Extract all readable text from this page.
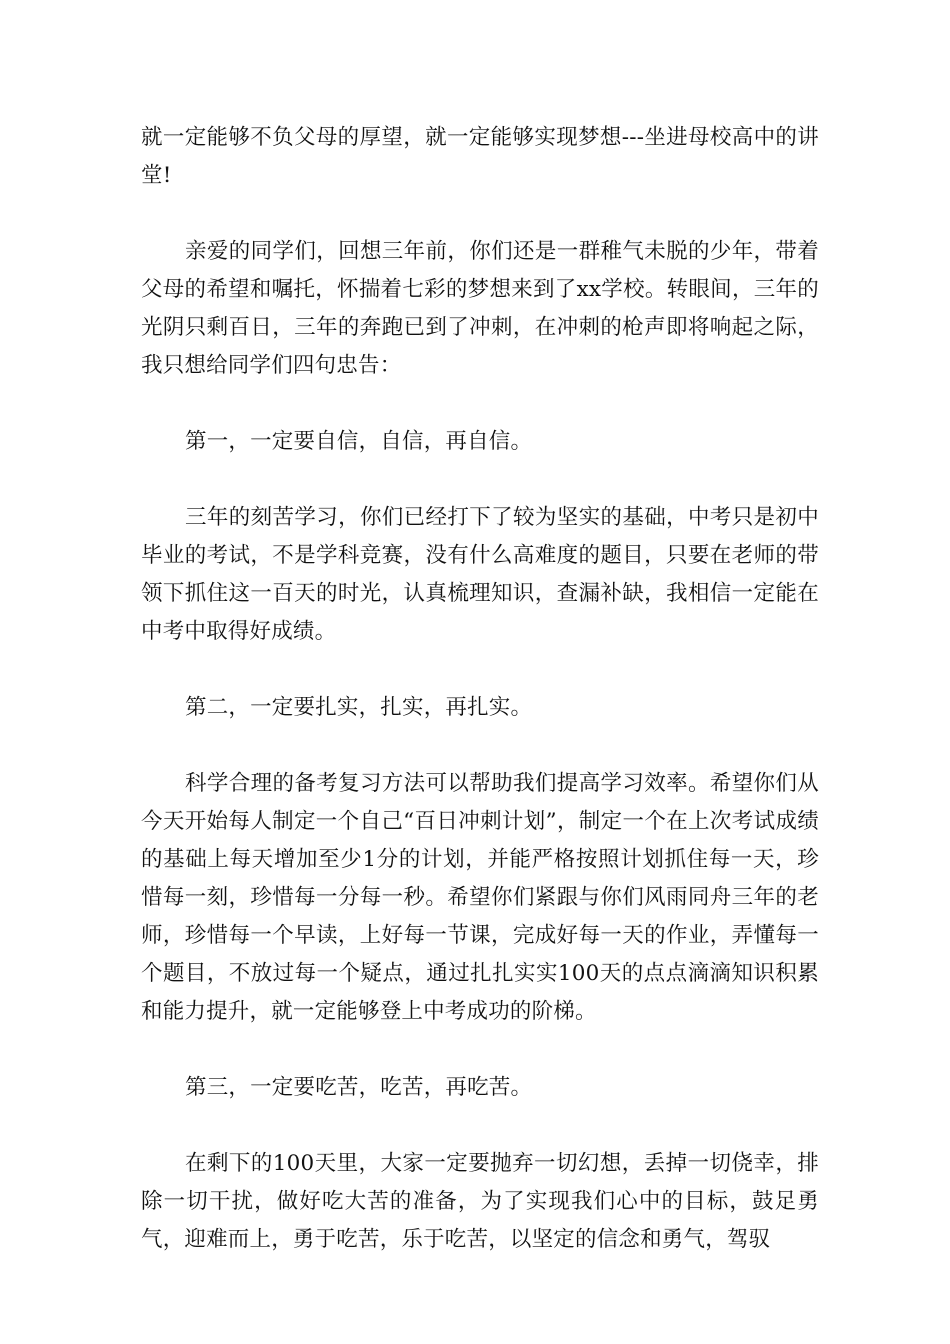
就一定能够不负父母的厚望，就一定能够实现梦想---坐进母校高中的讲堂!

亲爱的同学们，回想三年前，你们还是一群稚气未脱的少年，带着父母的希望和嘱托，怀揣着七彩的梦想来到了xx学校。转眼间，三年的光阴只剩百日，三年的奔跑已到了冲刺，在冲刺的枪声即将响起之际，我只想给同学们四句忠告：

第一，一定要自信，自信，再自信。

三年的刻苦学习，你们已经打下了较为坚实的基础，中考只是初中毕业的考试，不是学科竞赛，没有什么高难度的题目，只要在老师的带领下抓住这一百天的时光，认真梳理知识，查漏补缺，我相信一定能在中考中取得好成绩。

第二，一定要扎实，扎实，再扎实。

科学合理的备考复习方法可以帮助我们提高学习效率。希望你们从今天开始每人制定一个自己“百日冲刺计划”，制定一个在上次考试成绩的基础上每天增加至少1分的计划，并能严格按照计划抓住每一天，珍惜每一刻，珍惜每一分每一秒。希望你们紧跟与你们风雨同舟三年的老师，珍惜每一个早读，上好每一节课，完成好每一天的作业，弄懂每一个题目，不放过每一个疑点，通过扎扎实实100天的点点滴滴知识积累和能力提升，就一定能够登上中考成功的阶梯。

第三，一定要吃苦，吃苦，再吃苦。

在剩下的100天里，大家一定要抛弃一切幻想，丢掉一切侥幸，排除一切干扰，做好吃大苦的准备，为了实现我们心中的目标，鼓足勇气，迎难而上，勇于吃苦，乐于吃苦，以坚定的信念和勇气，驾驭
